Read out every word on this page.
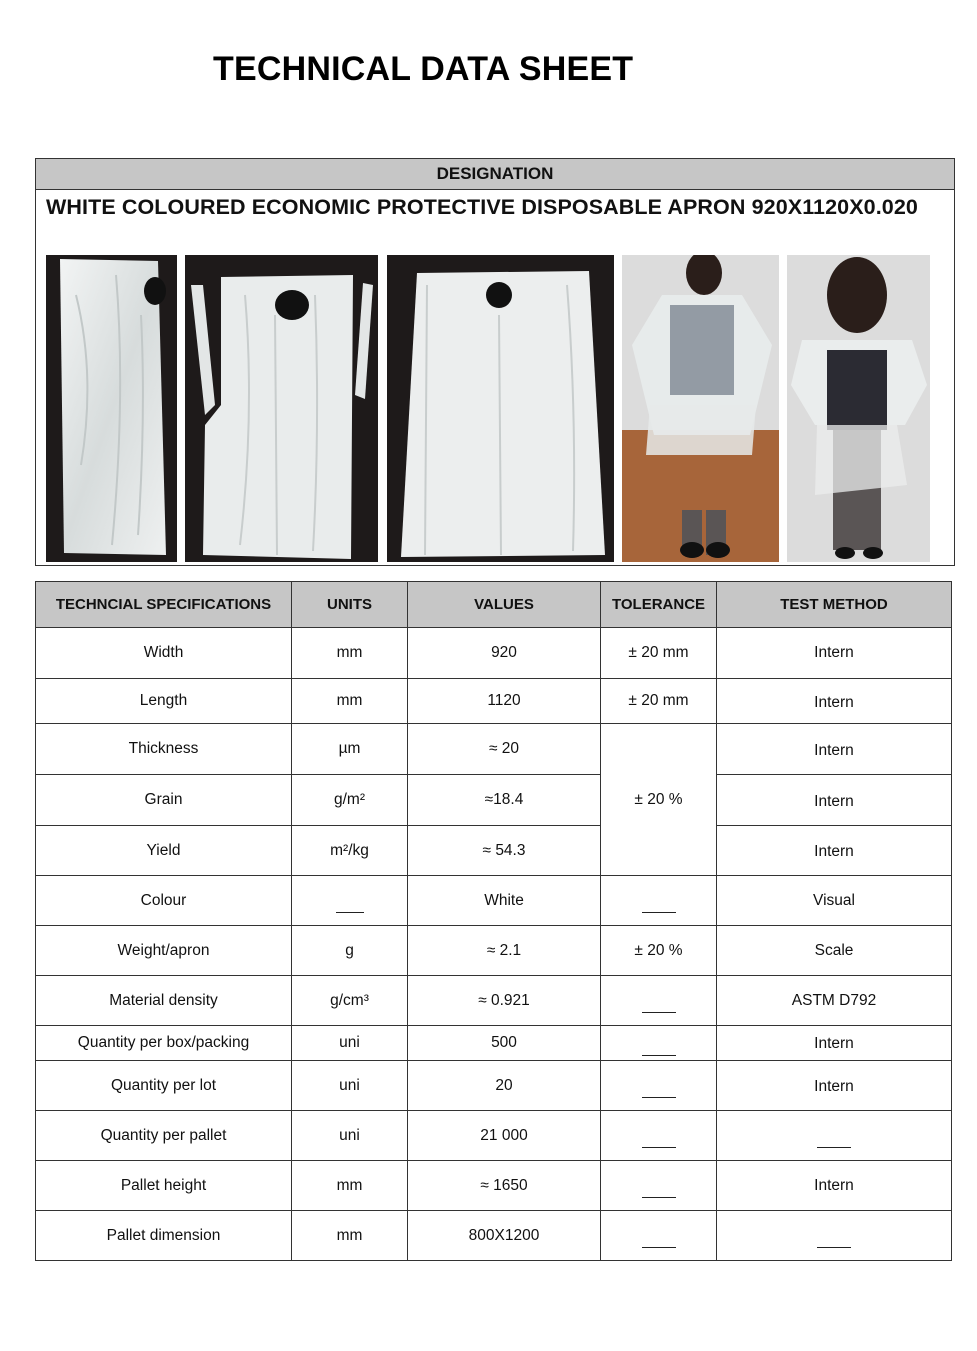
TECHNICAL DATA SHEET
DESIGNATION
WHITE COLOURED ECONOMIC PROTECTIVE DISPOSABLE APRON 920X1120X0.020
TECHNCIAL SPECIFICATIONS	UNITS	VALUES	TOLERANCE	TEST METHOD
Width	mm	920	± 20 mm	Intern
Length	mm	1120	± 20 mm	Intern
Thickness	µm	≈ 20	± 20 %	Intern
Grain	g/m²	≈18.4		Intern
Yield	m²/kg	≈ 54.3		Intern
Colour		White		Visual
Weight/apron	g	≈ 2.1	± 20 %	Scale
Material density	g/cm³	≈ 0.921		ASTM D792
Quantity per box/packing	uni	500		Intern
Quantity per lot	uni	20		Intern
Quantity per pallet	uni	21 000		
Pallet height	mm	≈ 1650		Intern
Pallet dimension	mm	800X1200		
